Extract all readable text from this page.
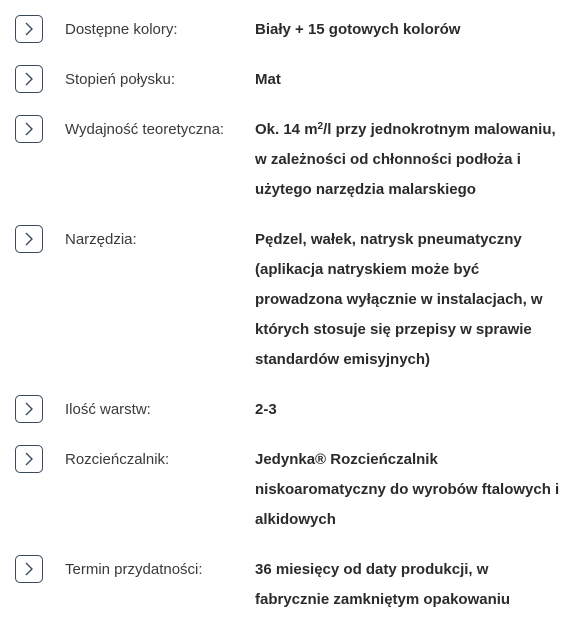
Dostępne kolory:	Biały + 15 gotowych kolorów
Stopień połysku:	Mat
Wydajność teoretyczna: Ok. 14 $m^2/l$ przy jednokrotnym malowaniu, w zależności od chłonności podłoża i użytego narzędzia malarskiego
Narzędzia:	Pędzel, wałek, natrysk pneumatyczny (aplikacja natryskiem może być prowadzona wyłącznie w instalacjach, w których stosuje się przepisy w sprawie standardów emisyjnych)
Ilość warstw:	2-3
Rozcieńczalnik:	Jedynka® Rozcieńczalnik niskoaromatyczny do wyrobów ftalowych i alkidowych
Termin przydatności:	36 miesięcy od daty produkcji, w fabrycznie zamkniętym opakowaniu
